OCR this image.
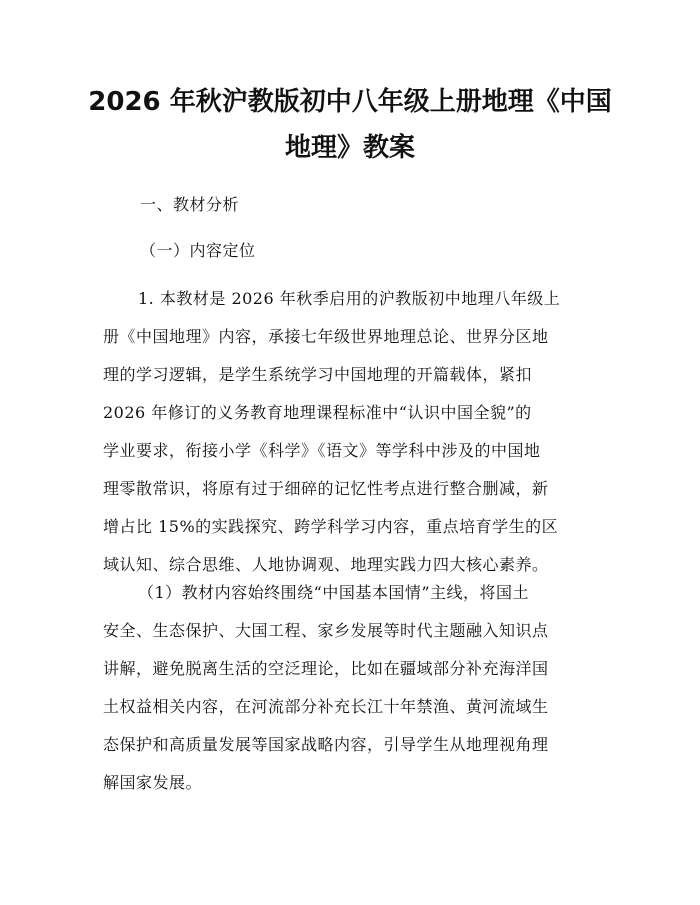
2026 年秋沪教版初中八年级上册地理《中国
地理》教案

一、教材分析

（一）内容定位

1. 本教材是 2026 年秋季启用的沪教版初中地理八年级上
册《中国地理》内容，承接七年级世界地理总论、世界分区地
理的学习逻辑，是学生系统学习中国地理的开篇载体，紧扣
2026 年修订的义务教育地理课程标准中“认识中国全貌”的
学业要求，衔接小学《科学》《语文》等学科中涉及的中国地
理零散常识，将原有过于细碎的记忆性考点进行整合删减，新
增占比 15%的实践探究、跨学科学习内容，重点培育学生的区
域认知、综合思维、人地协调观、地理实践力四大核心素养。
（1）教材内容始终围绕“中国基本国情”主线，将国土
安全、生态保护、大国工程、家乡发展等时代主题融入知识点
讲解，避免脱离生活的空泛理论，比如在疆域部分补充海洋国
土权益相关内容，在河流部分补充长江十年禁渔、黄河流域生
态保护和高质量发展等国家战略内容，引导学生从地理视角理
解国家发展。
